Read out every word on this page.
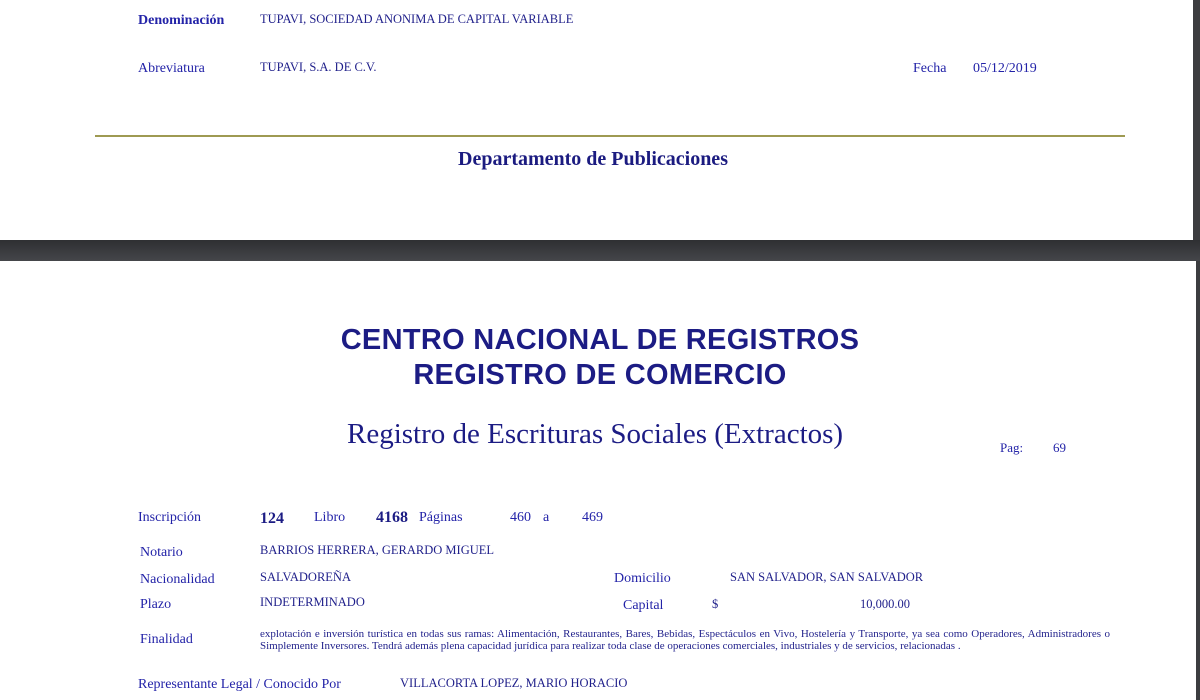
Denominación	TUPAVI, SOCIEDAD ANONIMA DE CAPITAL VARIABLE
Abreviatura	TUPAVI, S.A. DE C.V.	Fecha 05/12/2019
Departamento de Publicaciones
CENTRO NACIONAL DE REGISTROS
REGISTRO DE COMERCIO
Registro de Escrituras Sociales (Extractos)	Pag: 69
Inscripción	124 Libro 4168 Páginas	460 a 469
Notario	BARRIOS HERRERA, GERARDO MIGUEL
Nacionalidad	SALVADOREÑA	Domicilio	SAN SALVADOR, SAN SALVADOR
Plazo	INDETERMINADO	Capital	$	10,000.00
Finalidad	explotación e inversión turística en todas sus ramas: Alimentación, Restaurantes, Bares, Bebidas, Espectáculos en Vivo, Hostelería y Transporte, ya sea como Operadores, Administradores o Simplemente Inversores. Tendrá además plena capacidad jurídica para realizar toda clase de operaciones comerciales, industriales y de servicios, relacionadas .
Representante Legal / Conocido Por	VILLACORTA LOPEZ, MARIO HORACIO
